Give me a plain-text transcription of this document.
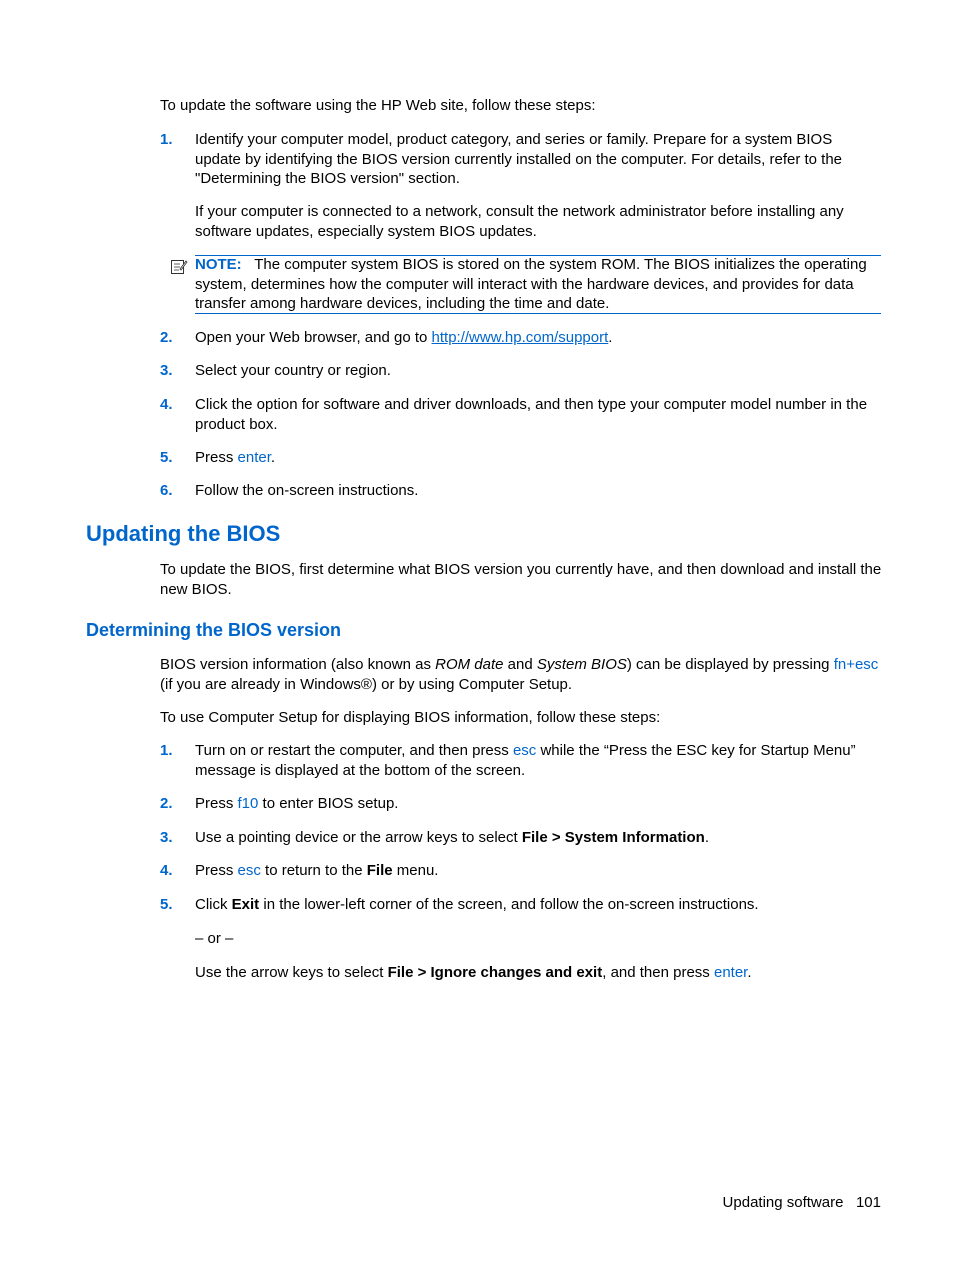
To update the software using the HP Web site, follow these steps:
1.	Identify your computer model, product category, and series or family. Prepare for a system BIOS update by identifying the BIOS version currently installed on the computer. For details, refer to the "Determining the BIOS version" section.
If your computer is connected to a network, consult the network administrator before installing any software updates, especially system BIOS updates.
NOTE: The computer system BIOS is stored on the system ROM. The BIOS initializes the operating system, determines how the computer will interact with the hardware devices, and provides for data transfer among hardware devices, including the time and date.
2.	Open your Web browser, and go to http://www.hp.com/support.
3.	Select your country or region.
4.	Click the option for software and driver downloads, and then type your computer model number in the product box.
5.	Press enter.
6.	Follow the on-screen instructions.
Updating the BIOS
To update the BIOS, first determine what BIOS version you currently have, and then download and install the new BIOS.
Determining the BIOS version
BIOS version information (also known as ROM date and System BIOS) can be displayed by pressing fn+esc (if you are already in Windows®) or by using Computer Setup.
To use Computer Setup for displaying BIOS information, follow these steps:
1.	Turn on or restart the computer, and then press esc while the “Press the ESC key for Startup Menu” message is displayed at the bottom of the screen.
2.	Press f10 to enter BIOS setup.
3.	Use a pointing device or the arrow keys to select File > System Information.
4.	Press esc to return to the File menu.
5.	Click Exit in the lower-left corner of the screen, and follow the on-screen instructions.
– or –
Use the arrow keys to select File > Ignore changes and exit, and then press enter.
Updating software 101
